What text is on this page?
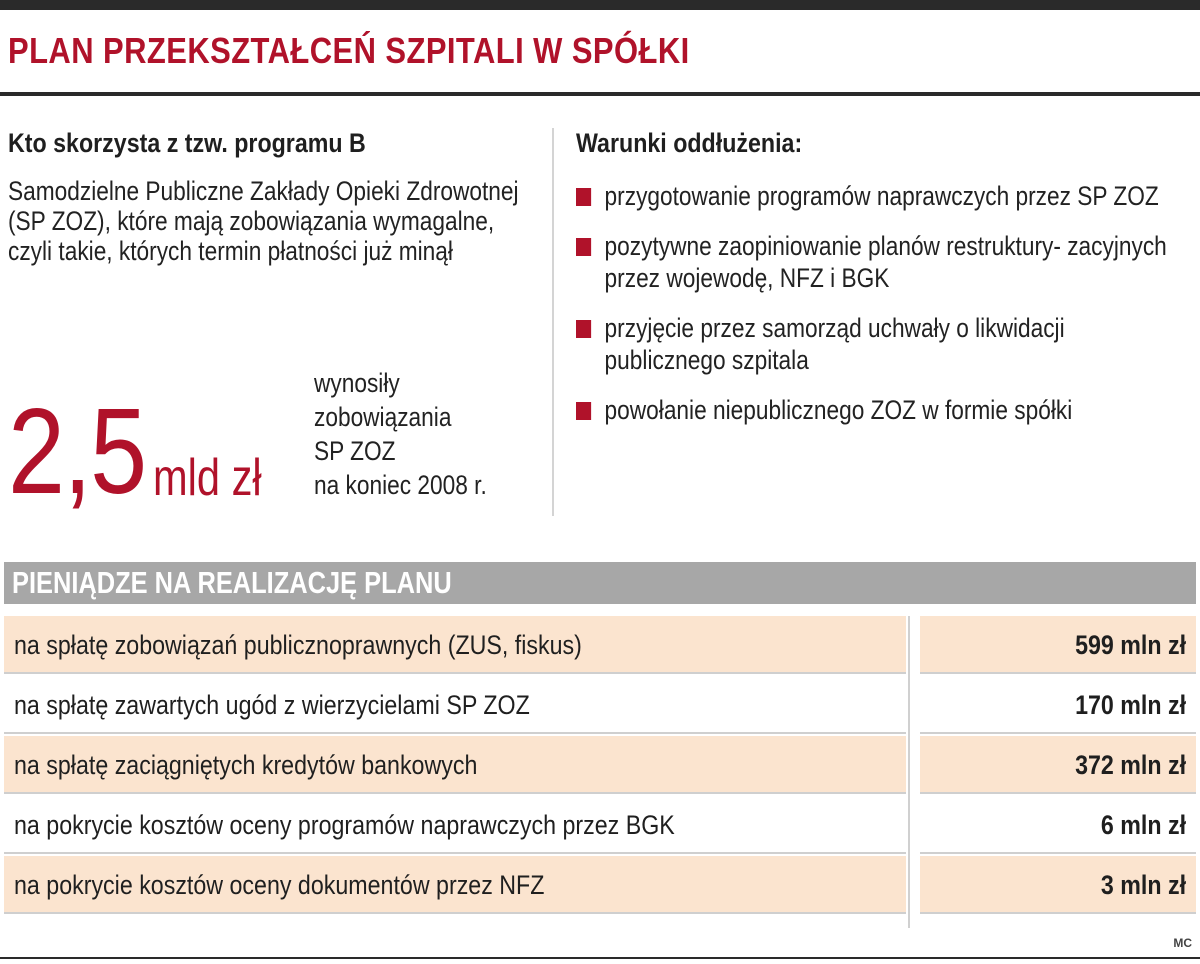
PLAN PRZEKSZTAŁCEŃ SZPITALI W SPÓŁKI
Kto skorzysta z tzw. programu B
Samodzielne Publiczne Zakłady Opieki Zdrowotnej (SP ZOZ), które mają zobowiązania wymagalne, czyli takie, których termin płatności już minął
2,5 mld zł
wynosiły
zobowiązania
SP ZOZ
na koniec 2008 r.
Warunki oddłużenia:
przygotowanie programów naprawczych przez SP ZOZ
pozytywne zaopiniowanie planów restruktury- zacyjnych przez wojewodę, NFZ i BGK
przyjęcie przez samorząd uchwały o likwidacji publicznego szpitala
powołanie niepublicznego ZOZ w formie spółki
PIENIĄDZE NA REALIZACJĘ PLANU
na spłatę zobowiązań publicznoprawnych (ZUS, fiskus)	599 mln zł
na spłatę zawartych ugód z wierzycielami SP ZOZ	170 mln zł
na spłatę zaciągniętych kredytów bankowych	372 mln zł
na pokrycie kosztów oceny programów naprawczych przez BGK	6 mln zł
na pokrycie kosztów oceny dokumentów przez NFZ	3 mln zł
MC
